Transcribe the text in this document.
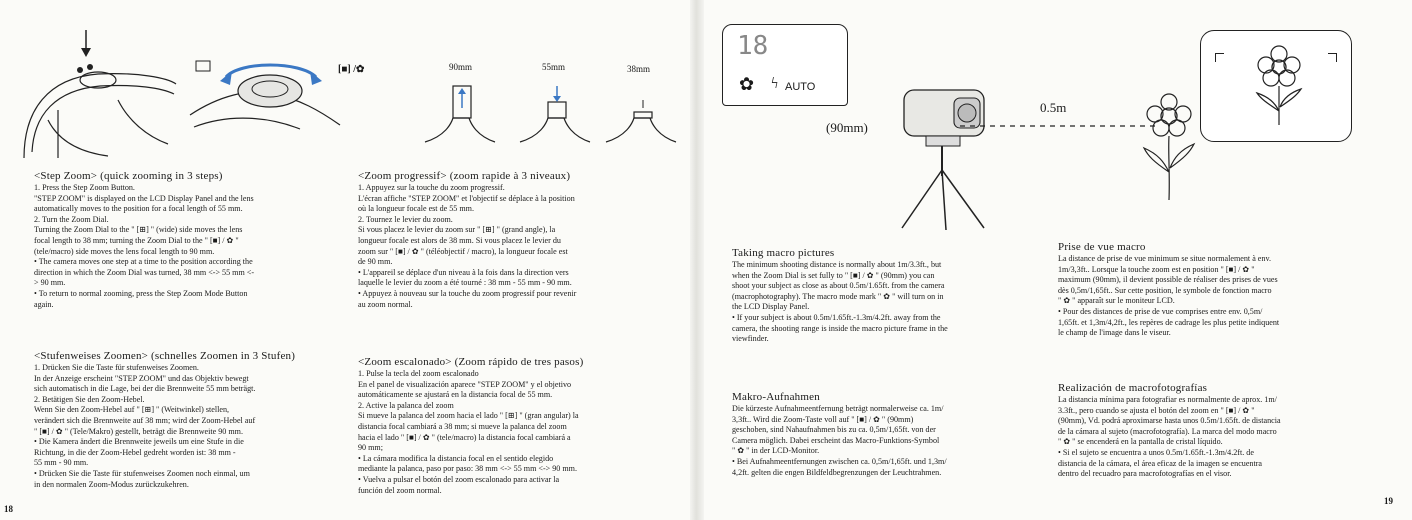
[■] /✿	90mm	55mm	38mm

<Step Zoom> (quick zooming in 3 steps)

1. Press the Step Zoom Button.

"STEP ZOOM" is displayed on the LCD Display Panel and the lens

automatically moves to the position for a focal length of 55 mm.

2. Turn the Zoom Dial.

Turning the Zoom Dial to the " [⊞] " (wide) side moves the lens

focal length to 38 mm; turning the Zoom Dial to the " [■] / ✿ "

(tele/macro) side moves the lens focal length to 90 mm.

• The camera moves one step at a time to the position according the

direction in which the Zoom Dial was turned, 38 mm <-> 55 mm <-

> 90 mm.

• To return to normal zooming, press the Step Zoom Mode Button

again.

<Stufenweises Zoomen> (schnelles Zoomen in 3 Stufen)

1. Drücken Sie die Taste für stufenweises Zoomen.

In der Anzeige erscheint "STEP ZOOM" und das Objektiv bewegt

sich automatisch in die Lage, bei der die Brennweite 55 mm beträgt.

2. Betätigen Sie den Zoom-Hebel.

Wenn Sie den Zoom-Hebel auf " [⊞] " (Weitwinkel) stellen,

verändert sich die Brennweite auf 38 mm; wird der Zoom-Hebel auf

" [■] / ✿ " (Tele/Makro) gestellt, beträgt die Brennweite 90 mm.

• Die Kamera ändert die Brennweite jeweils um eine Stufe in die

Richtung, in die der Zoom-Hebel gedreht worden ist: 38 mm -

55 mm - 90 mm.

• Drücken Sie die Taste für stufenweises Zoomen noch einmal, um

in den normalen Zoom-Modus zurückzukehren.

<Zoom progressif> (zoom rapide à 3 niveaux)

1. Appuyez sur la touche du zoom progressif.

L'écran affiche "STEP ZOOM" et l'objectif se déplace à la position

où la longueur focale est de 55 mm.

2. Tournez le levier du zoom.

Si vous placez le levier du zoom sur " [⊞] " (grand angle), la

longueur focale est alors de 38 mm. Si vous placez le levier du

zoom sur " [■] / ✿ " (téléobjectif / macro), la longueur focale est

de 90 mm.

• L'appareil se déplace d'un niveau à la fois dans la direction vers

laquelle le levier du zoom a été tourné : 38 mm - 55 mm - 90 mm.

• Appuyez à nouveau sur la touche du zoom progressif pour revenir

au zoom normal.

<Zoom escalonado> (Zoom rápido de tres pasos)

1. Pulse la tecla del zoom escalonado

En el panel de visualización aparece "STEP ZOOM" y el objetivo

automáticamente se ajustará en la distancia focal de 55 mm.

2. Active la palanca del zoom

Si mueve la palanca del zoom hacia el lado " [⊞] " (gran angular) la

distancia focal cambiará a 38 mm; si mueve la palanca del zoom

hacia el lado " [■] / ✿ " (tele/macro) la distancia focal cambiará a

90 mm;

• La cámara modifica la distancia focal en el sentido elegido

mediante la palanca, paso por paso: 38 mm <-> 55 mm <-> 90 mm.

• Vuelva a pulsar el botón del zoom escalonado para activar la

función del zoom normal.

18
18
✿ ϟ AUTO
(90mm)
0.5m

Taking macro pictures

The minimum shooting distance is normally about 1m/3.3ft., but

when the Zoom Dial is set fully to " [■] / ✿ " (90mm) you can

shoot your subject as close as about 0.5m/1.65ft. from the camera

(macrophotography). The macro mode mark " ✿ " will turn on in

the LCD Display Panel.

• If your subject is about 0.5m/1.65ft.-1.3m/4.2ft. away from the

camera, the shooting range is inside the macro picture frame in the

viewfinder.

Makro-Aufnahmen

Die kürzeste Aufnahmeentfernung beträgt normalerweise ca. 1m/

3,3ft.. Wird die Zoom-Taste voll auf " [■] / ✿ " (90mm)

geschoben, sind Nahaufnahmen bis zu ca. 0,5m/1,65ft. von der

Camera möglich. Dabei erscheint das Macro-Funktions-Symbol

" ✿ " in der LCD-Monitor.

• Bei Aufnahmeentfernungen zwischen ca. 0,5m/1,65ft. und 1,3m/

4,2ft. gelten die engen Bildfeldbegrenzungen der Leuchtrahmen.

Prise de vue macro

La distance de prise de vue minimum se situe normalement à env.

1m/3,3ft.. Lorsque la touche zoom est en position " [■] / ✿ "

maximum (90mm), il devient possible de réaliser des prises de vues

dès 0,5m/1,65ft.. Sur cette position, le symbole de fonction macro

" ✿ " apparaît sur le moniteur LCD.

• Pour des distances de prise de vue comprises entre env. 0,5m/

1,65ft. et 1,3m/4,2ft., les repères de cadrage les plus petite indiquent

le champ de l'image dans le viseur.

Realización de macrofotografías

La distancia mínima para fotografiar es normalmente de aprox. 1m/

3.3ft., pero cuando se ajusta el botón del zoom en " [■] / ✿ "

(90mm), Vd. podrá aproximarse hasta unos 0.5m/1.65ft. de distancia

de la cámara al sujeto (macrofotografía). La marca del modo macro

" ✿ " se encenderá en la pantalla de cristal líquido.

• Si el sujeto se encuentra a unos 0.5m/1.65ft.-1.3m/4.2ft. de

distancia de la cámara, el área eficaz de la imagen se encuentra

dentro del recuadro para macrofotografías en el visor.

19
